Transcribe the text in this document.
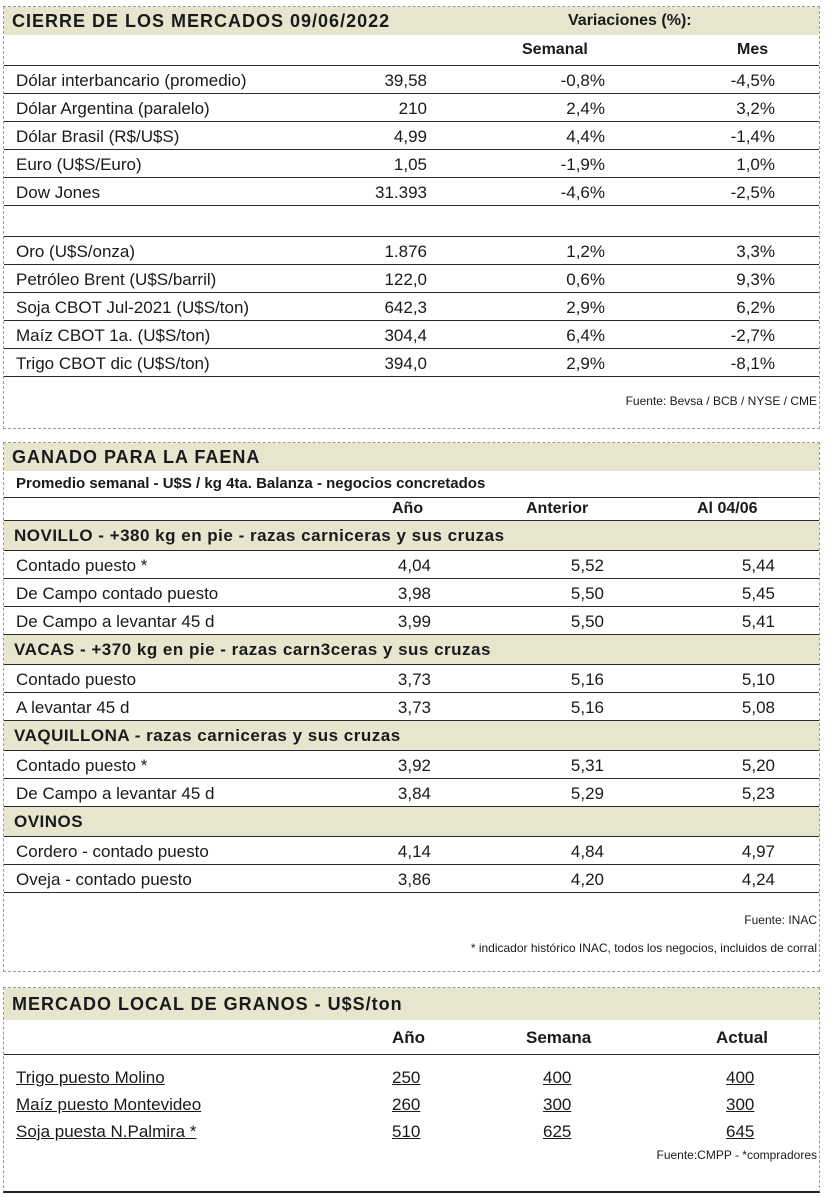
CIERRE DE LOS MERCADOS 09/06/2022	Variaciones (%):
Semanal	Mes
Dólar interbancario (promedio)	39,58	-0,8%	-4,5%
Dólar Argentina (paralelo)	210	2,4%	3,2%
Dólar Brasil (R$/U$S)	4,99	4,4%	-1,4%
Euro (U$S/Euro)	1,05	-1,9%	1,0%
Dow Jones	31.393	-4,6%	-2,5%
Oro (U$S/onza)	1.876	1,2%	3,3%
Petróleo Brent (U$S/barril)	122,0	0,6%	9,3%
Soja CBOT Jul-2021 (U$S/ton)	642,3	2,9%	6,2%
Maíz CBOT 1a. (U$S/ton)	304,4	6,4%	-2,7%
Trigo CBOT dic (U$S/ton)	394,0	2,9%	-8,1%
Fuente: Bevsa / BCB / NYSE / CME
GANADO PARA LA FAENA
Promedio semanal - U$S / kg 4ta. Balanza - negocios concretados
Año	Anterior	Al 04/06
NOVILLO - +380 kg en pie - razas carniceras y sus cruzas
Contado puesto *	4,04	5,52	5,44
De Campo contado puesto	3,98	5,50	5,45
De Campo a levantar 45 d	3,99	5,50	5,41
VACAS - +370 kg en pie - razas carn3ceras y sus cruzas
Contado puesto	3,73	5,16	5,10
A levantar 45 d	3,73	5,16	5,08
VAQUILLONA - razas carniceras y sus cruzas
Contado puesto *	3,92	5,31	5,20
De Campo a levantar 45 d	3,84	5,29	5,23
OVINOS
Cordero - contado puesto	4,14	4,84	4,97
Oveja - contado puesto	3,86	4,20	4,24
Fuente: INAC
* indicador histórico INAC, todos los negocios, incluidos de corral
MERCADO LOCAL DE GRANOS - U$S/ton
Año	Semana	Actual
Trigo puesto Molino	250	400	400
Maíz puesto Montevideo	260	300	300
Soja puesta N.Palmira *	510	625	645
Fuente:CMPP - *compradores
